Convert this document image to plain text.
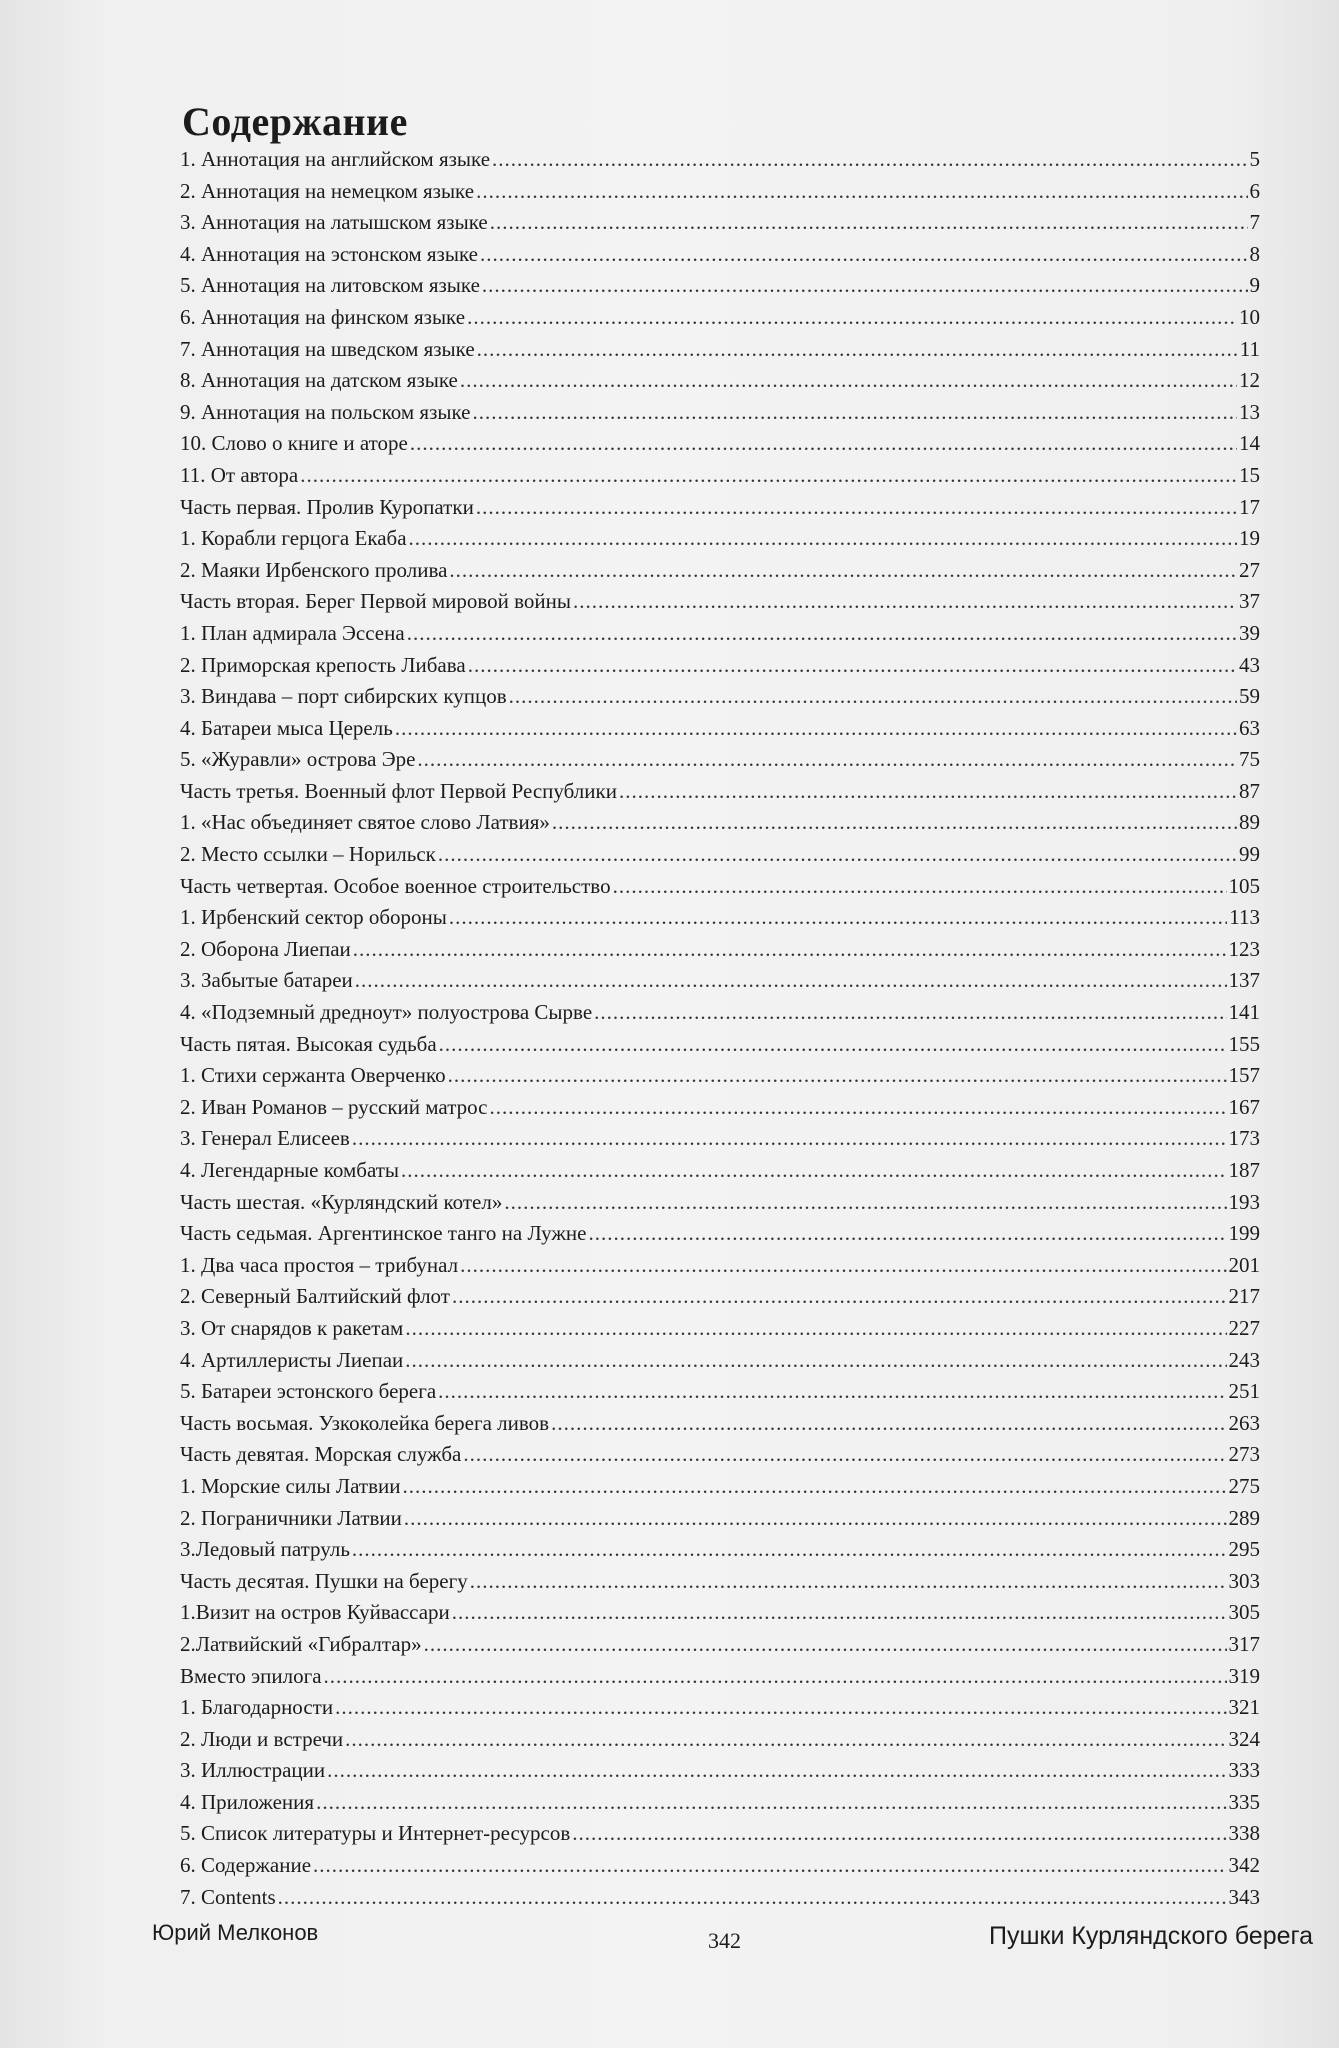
Содержание
1. Аннотация на английском языке .....	5
2. Аннотация на немецком языке .....	6
3. Аннотация на латышском языке .....	7
4. Аннотация на эстонском языке .....	8
5. Аннотация на литовском языке .....	9
6. Аннотация на финском языке .....	10
7. Аннотация на шведском языке .....	11
8. Аннотация на датском языке .....	12
9. Аннотация на польском языке .....	13
10. Слово о книге и аторе .....	14
11. От автора .....	15
Часть первая. Пролив Куропатки .....	17
1. Корабли герцога Екаба .....	19
2. Маяки Ирбенского пролива .....	27
Часть вторая. Берег Первой мировой войны .....	37
1. План адмирала Эссена .....	39
2. Приморская крепость Либава .....	43
3. Виндава – порт сибирских купцов .....	59
4. Батареи мыса Церель .....	63
5. «Журавли» острова Эре .....	75
Часть третья. Военный флот Первой Республики .....	87
1. «Нас объединяет святое слово Латвия» .....	89
2. Место ссылки – Норильск .....	99
Часть четвертая. Особое военное строительство .....	105
1. Ирбенский сектор обороны .....	113
2. Оборона Лиепаи .....	123
3. Забытые батареи .....	137
4. «Подземный дредноут» полуострова Сырве .....	141
Часть пятая. Высокая судьба .....	155
1. Стихи сержанта Оверченко .....	157
2. Иван Романов – русский матрос .....	167
3. Генерал Елисеев .....	173
4. Легендарные комбаты .....	187
Часть шестая. «Курляндский котел» .....	193
Часть седьмая. Аргентинское танго на Лужне .....	199
1. Два часа простоя – трибунал .....	201
2. Северный Балтийский флот .....	217
3. От снарядов к ракетам .....	227
4. Артиллеристы Лиепаи .....	243
5. Батареи эстонского берега .....	251
Часть восьмая. Узкоколейка берега ливов .....	263
Часть девятая. Морская служба .....	273
1. Морские силы Латвии .....	275
2. Пограничники Латвии .....	289
3.Ледовый патруль .....	295
Часть десятая. Пушки на берегу .....	303
1.Визит на остров Куйвассари .....	305
2.Латвийский «Гибралтар» .....	317
Вместо эпилога .....	319
1. Благодарности .....	321
2. Люди и встречи .....	324
3. Иллюстрации .....	333
4. Приложения .....	335
5. Список литературы и Интернет-ресурсов .....	338
6. Содержание .....	342
7. Contents .....	343
Юрий Мелконов	342	Пушки Курляндского берега
